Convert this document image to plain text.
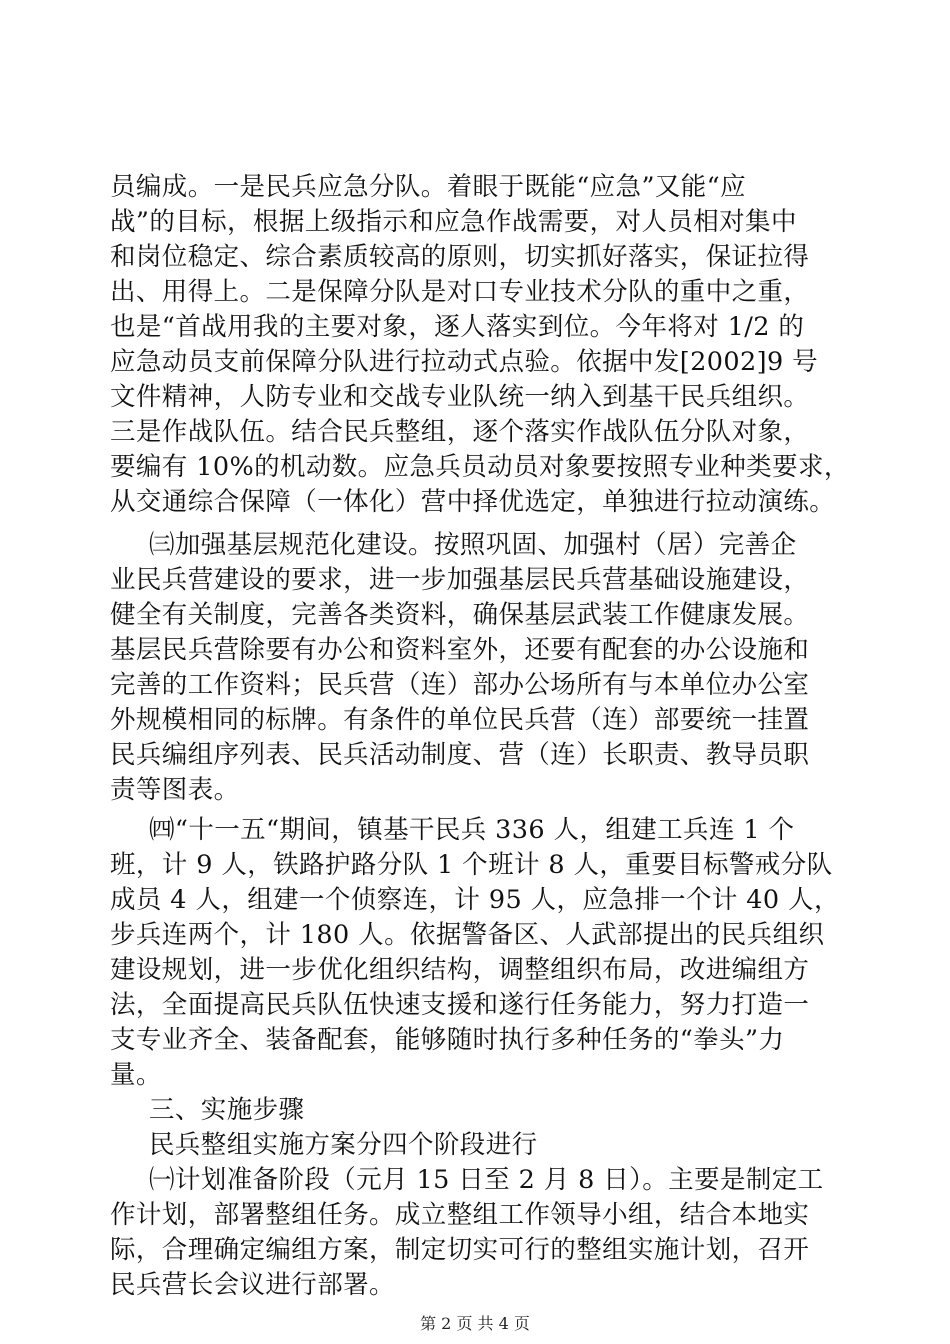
员编成。一是民兵应急分队。着眼于既能“应急”又能“应
战”的目标，根据上级指示和应急作战需要，对人员相对集中
和岗位稳定、综合素质较高的原则，切实抓好落实，保证拉得
出、用得上。二是保障分队是对口专业技术分队的重中之重，
也是“首战用我的主要对象，逐人落实到位。今年将对 1/2 的
应急动员支前保障分队进行拉动式点验。依据中发[2002]9 号
文件精神，人防专业和交战专业队统一纳入到基干民兵组织。
三是作战队伍。结合民兵整组，逐个落实作战队伍分队对象，
要编有 10%的机动数。应急兵员动员对象要按照专业种类要求，
从交通综合保障（一体化）营中择优选定，单独进行拉动演练。
㈢加强基层规范化建设。按照巩固、加强村（居）完善企
业民兵营建设的要求，进一步加强基层民兵营基础设施建设，
健全有关制度，完善各类资料，确保基层武装工作健康发展。
基层民兵营除要有办公和资料室外，还要有配套的办公设施和
完善的工作资料；民兵营（连）部办公场所有与本单位办公室
外规模相同的标牌。有条件的单位民兵营（连）部要统一挂置
民兵编组序列表、民兵活动制度、营（连）长职责、教导员职
责等图表。
㈣“十一五“期间，镇基干民兵 336 人，组建工兵连 1 个
班，计 9 人，铁路护路分队 1 个班计 8 人，重要目标警戒分队
成员 4 人，组建一个侦察连，计 95 人，应急排一个计 40 人，
步兵连两个，计 180 人。依据警备区、人武部提出的民兵组织
建设规划，进一步优化组织结构，调整组织布局，改进编组方
法，全面提高民兵队伍快速支援和遂行任务能力，努力打造一
支专业齐全、装备配套，能够随时执行多种任务的“拳头”力
量。
三、实施步骤
民兵整组实施方案分四个阶段进行
㈠计划准备阶段（元月 15 日至 2 月 8 日）。主要是制定工
作计划，部署整组任务。成立整组工作领导小组，结合本地实
际，合理确定编组方案，制定切实可行的整组实施计划，召开
民兵营长会议进行部署。
第 2 页 共 4 页
